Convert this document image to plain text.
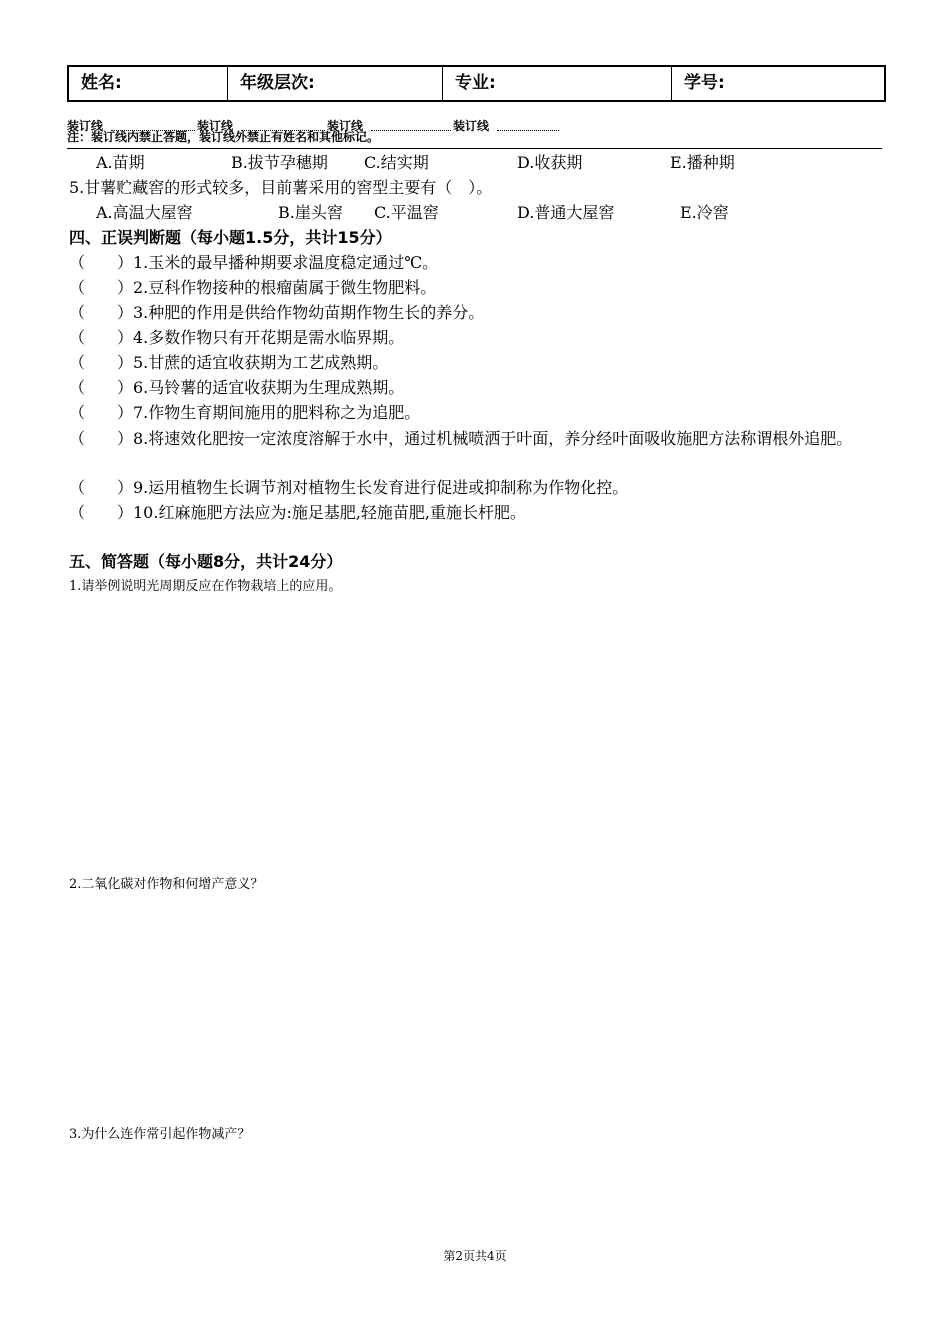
姓名:	年级层次:	专业:	学号:
装订线	装订线	装订线	装订线
注：装订线内禁止答题，装订线外禁止有姓名和其他标记。
A.苗期	B.拔节孕穗期 C.结实期	D.收获期	E.播种期
5.甘薯贮藏窖的形式较多，目前薯采用的窖型主要有（　）。
A.高温大屋窖	B.崖头窖 C.平温窖	D.普通大屋窖	E.冷窖
四、正误判断题（每小题1.5分，共计15分）
（　　）1.玉米的最早播种期要求温度稳定通过℃。
（　　）2.豆科作物接种的根瘤菌属于微生物肥料。
（　　）3.种肥的作用是供给作物幼苗期作物生长的养分。
（　　）4.多数作物只有开花期是需水临界期。
（　　）5.甘蔗的适宜收获期为工艺成熟期。
（　　）6.马铃薯的适宜收获期为生理成熟期。
（　　）7.作物生育期间施用的肥料称之为追肥。
（　　）8.将速效化肥按一定浓度溶解于水中，通过机械喷洒于叶面，养分经叶面吸收施肥方法称谓根外追肥。
（　　）9.运用植物生长调节剂对植物生长发育进行促进或抑制称为作物化控。
（　　）10.红麻施肥方法应为:施足基肥,轻施苗肥,重施长杆肥。
五、简答题（每小题8分，共计24分）
1.请举例说明光周期反应在作物栽培上的应用。
2.二氧化碳对作物和何增产意义？
3.为什么连作常引起作物减产？
第2页共4页
